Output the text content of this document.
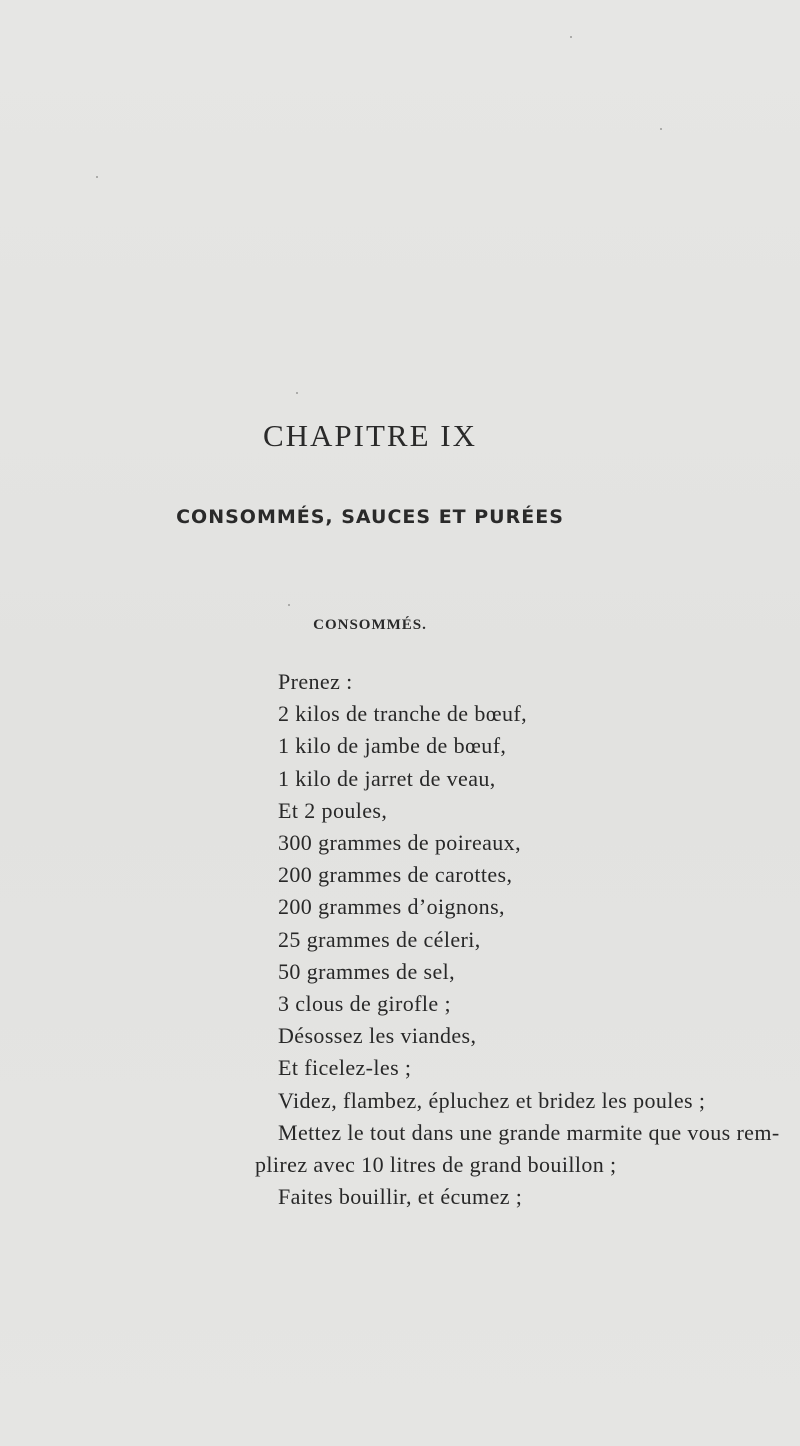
CHAPITRE IX
CONSOMMÉS, SAUCES ET PURÉES
CONSOMMÉS.
Prenez :
2 kilos de tranche de bœuf,
1 kilo de jambe de bœuf,
1 kilo de jarret de veau,
Et 2 poules,
300 grammes de poireaux,
200 grammes de carottes,
200 grammes d’oignons,
25 grammes de céleri,
50 grammes de sel,
3 clous de girofle ;
Désossez les viandes,
Et ficelez-les ;
Videz, flambez, épluchez et bridez les poules ;
Mettez le tout dans une grande marmite que vous rem-
plirez avec 10 litres de grand bouillon ;
Faites bouillir, et écumez ;
